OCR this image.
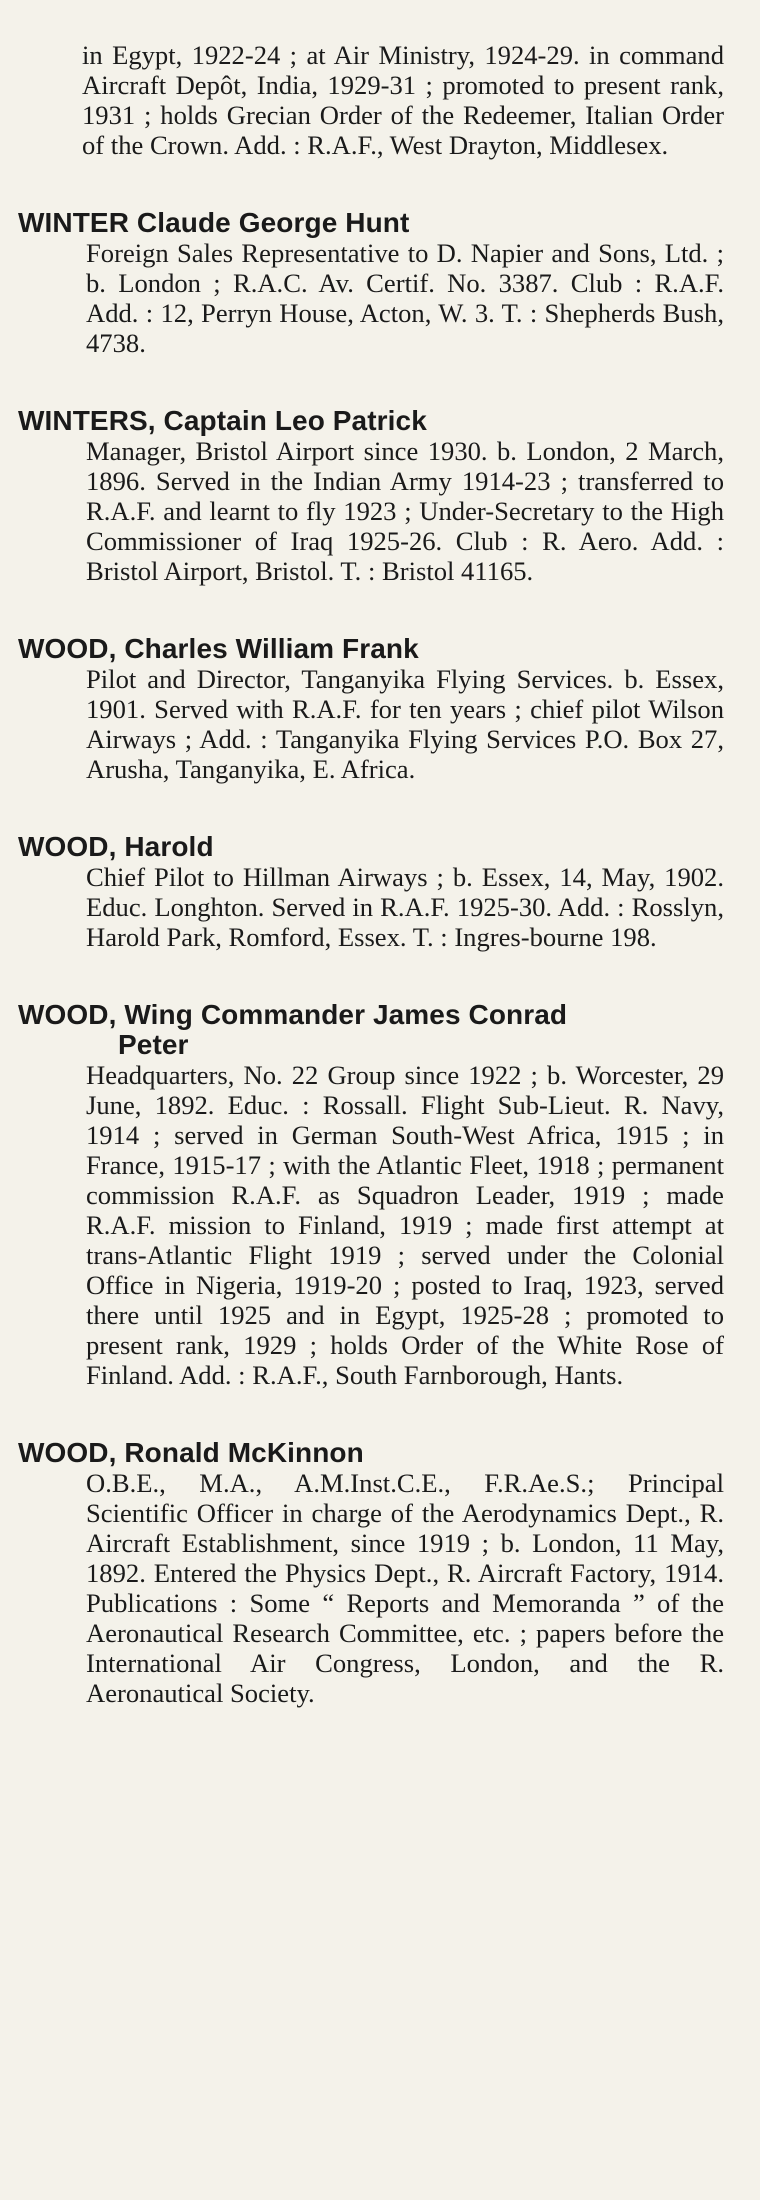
in Egypt, 1922-24 ; at Air Ministry, 1924-29. in command Aircraft Depôt, India, 1929-31 ; promoted to present rank, 1931 ; holds Grecian Order of the Redeemer, Italian Order of the Crown. Add. : R.A.F., West Drayton, Middlesex.

WINTER Claude George Hunt

Foreign Sales Representative to D. Napier and Sons, Ltd. ; b. London ; R.A.C. Av. Certif. No. 3387. Club : R.A.F. Add. : 12, Perryn House, Acton, W. 3. T. : Shepherds Bush, 4738.

WINTERS, Captain Leo Patrick

Manager, Bristol Airport since 1930. b. London, 2 March, 1896. Served in the Indian Army 1914-23 ; transferred to R.A.F. and learnt to fly 1923 ; Under-Secretary to the High Commissioner of Iraq 1925-26. Club : R. Aero. Add. : Bristol Airport, Bristol. T. : Bristol 41165.

WOOD, Charles William Frank

Pilot and Director, Tanganyika Flying Services. b. Essex, 1901. Served with R.A.F. for ten years ; chief pilot Wilson Airways ; Add. : Tanganyika Flying Services P.O. Box 27, Arusha, Tanganyika, E. Africa.

WOOD, Harold

Chief Pilot to Hillman Airways ; b. Essex, 14, May, 1902. Educ. Longhton. Served in R.A.F. 1925-30. Add. : Rosslyn, Harold Park, Romford, Essex. T. : Ingres-bourne 198.

WOOD, Wing Commander James Conrad
Peter

Headquarters, No. 22 Group since 1922 ; b. Worcester, 29 June, 1892. Educ. : Rossall. Flight Sub-Lieut. R. Navy, 1914 ; served in German South-West Africa, 1915 ; in France, 1915-17 ; with the Atlantic Fleet, 1918 ; permanent commission R.A.F. as Squadron Leader, 1919 ; made R.A.F. mission to Finland, 1919 ; made first attempt at trans-Atlantic Flight 1919 ; served under the Colonial Office in Nigeria, 1919-20 ; posted to Iraq, 1923, served there until 1925 and in Egypt, 1925-28 ; promoted to present rank, 1929 ; holds Order of the White Rose of Finland. Add. : R.A.F., South Farnborough, Hants.

WOOD, Ronald McKinnon

O.B.E., M.A., A.M.Inst.C.E., F.R.Ae.S.; Principal Scientific Officer in charge of the Aerodynamics Dept., R. Aircraft Establishment, since 1919 ; b. London, 11 May, 1892. Entered the Physics Dept., R. Aircraft Factory, 1914. Publications : Some “ Reports and Memoranda ” of the Aeronautical Research Committee, etc. ; papers before the International Air Congress, London, and the R. Aeronautical Society.
